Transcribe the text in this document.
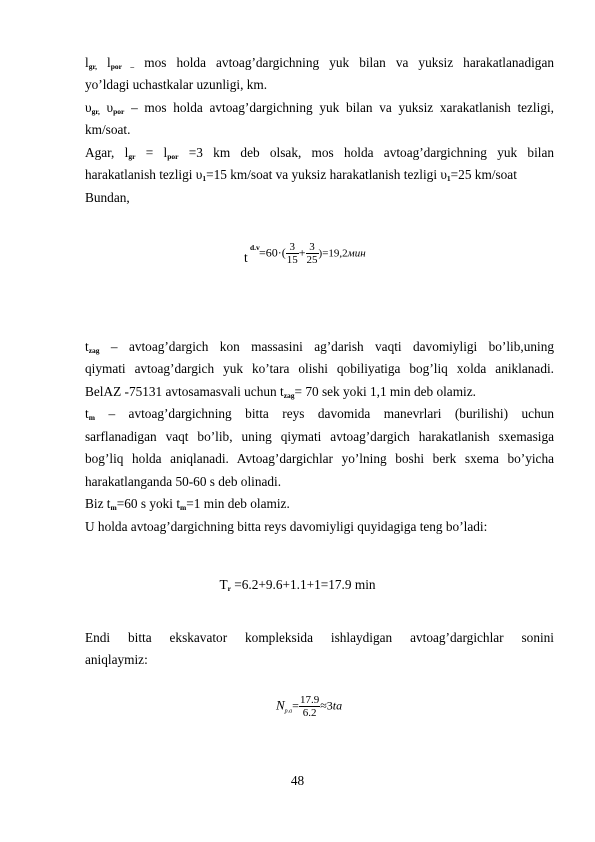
$l_{gr,}$ $l_{por -}$ mos holda avtoag’dargichning yuk bilan va yuksiz harakatlanadigan

yo’ldagi uchastkalar uzunligi, km.

$\upsilon_{gr,}$ $\upsilon_{por}$ – mos holda avtoag’dargichning yuk bilan va yuksiz xarakatlanish tezligi,

km/soat.

Agar, $l_{gr} = l_{por} =3$ km deb olsak, mos holda avtoag’dargichning yuk bilan

harakatlanish tezligi $\upsilon_1=15$ km/soat va yuksiz harakatlanish tezligi $\upsilon_1=25$ km/soat

Bundan,

t
$d.v =60\cdot( \frac{3}{15} + \frac{3}{25} )=19,2мин$

$t_{zag}$ – avtoag’dargich kon massasini ag’darish vaqti davomiyligi bo’lib,uning

qiymati avtoag’dargich yuk ko’tara olishi qobiliyatiga bog’liq xolda aniklanadi.

BelAZ -75131 avtosamasvali uchun $t_{zag}= 70$ sek yoki 1,1 min deb olamiz.

$t_m$ – avtoag’dargichning bitta reys davomida manevrlari (burilishi) uchun

sarflanadigan vaqt bo’lib, uning qiymati avtoag’dargich harakatlanish sxemasiga

bog’liq holda aniqlanadi. Avtoag’dargichlar yo’lning boshi berk sxema bo’yicha

harakatlanganda 50-60 s deb olinadi.

Biz $t_m=60$ s yoki $t_m=1$ min deb olamiz.

U holda avtoag’dargichning bitta reys davomiyligi quyidagiga teng bo’ladi:

$T_r =6.2+9.6+1.1+1=17.9$ min

Endi bitta ekskavator kompleksida ishlaydigan avtoag’dargichlar sonini

aniqlaymiz:

$N_{p.a}= \frac{17.9}{6.2} \approx 3ta$
48
